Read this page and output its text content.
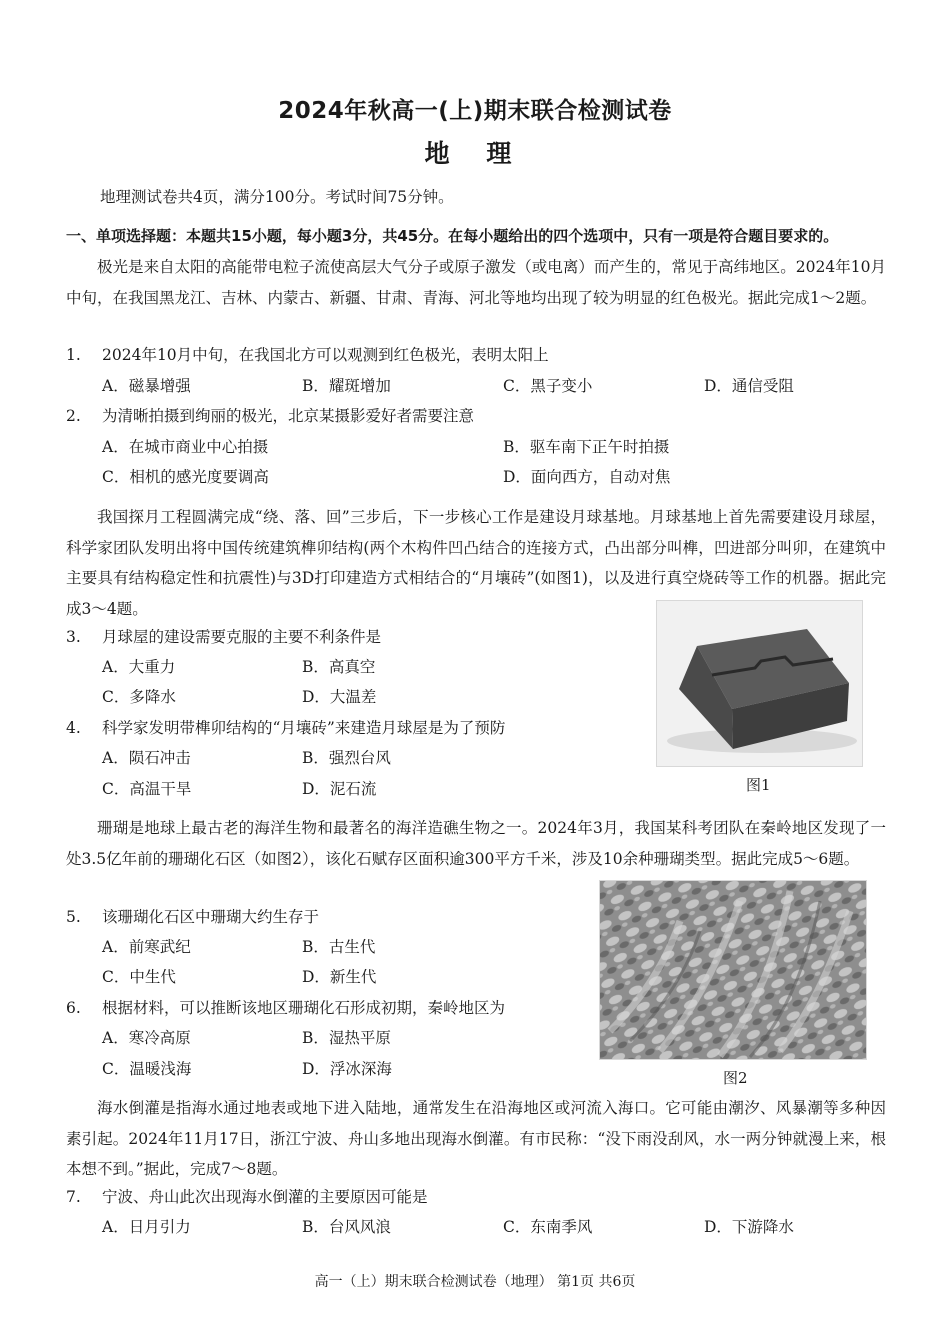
2024年秋高一(上)期末联合检测试卷
地 理
地理测试卷共4页，满分100分。考试时间75分钟。
一、单项选择题：本题共15小题，每小题3分，共45分。在每小题给出的四个选项中，只有一项是符合题目要求的。
极光是来自太阳的高能带电粒子流使高层大气分子或原子激发（或电离）而产生的，常见于高纬地区。2024年10月中旬，在我国黑龙江、吉林、内蒙古、新疆、甘肃、青海、河北等地均出现了较为明显的红色极光。据此完成1～2题。
1. 2024年10月中旬，在我国北方可以观测到红色极光，表明太阳上
A．磁暴增强	B．耀斑增加	C．黑子变小	D．通信受阻
2. 为清晰拍摄到绚丽的极光，北京某摄影爱好者需要注意
A．在城市商业中心拍摄	B．驱车南下正午时拍摄
C．相机的感光度要调高	D．面向西方，自动对焦
我国探月工程圆满完成“绕、落、回”三步后，下一步核心工作是建设月球基地。月球基地上首先需要建设月球屋，科学家团队发明出将中国传统建筑榫卯结构(两个木构件凹凸结合的连接方式，凸出部分叫榫，凹进部分叫卯，在建筑中主要具有结构稳定性和抗震性)与3D打印建造方式相结合的“月壤砖”(如图1)，以及进行真空烧砖等工作的机器。据此完成3～4题。
图1
3. 月球屋的建设需要克服的主要不利条件是
A．大重力	B．高真空
C．多降水	D．大温差
4. 科学家发明带榫卯结构的“月壤砖”来建造月球屋是为了预防
A．陨石冲击	B．强烈台风
C．高温干旱	D．泥石流
珊瑚是地球上最古老的海洋生物和最著名的海洋造礁生物之一。2024年3月，我国某科考团队在秦岭地区发现了一处3.5亿年前的珊瑚化石区（如图2），该化石赋存区面积逾300平方千米，涉及10余种珊瑚类型。据此完成5～6题。
图2
5. 该珊瑚化石区中珊瑚大约生存于
A．前寒武纪	B．古生代
C．中生代	D．新生代
6. 根据材料，可以推断该地区珊瑚化石形成初期，秦岭地区为
A．寒冷高原	B．湿热平原
C．温暖浅海	D．浮冰深海
海水倒灌是指海水通过地表或地下进入陆地，通常发生在沿海地区或河流入海口。它可能由潮汐、风暴潮等多种因素引起。2024年11月17日，浙江宁波、舟山多地出现海水倒灌。有市民称：“没下雨没刮风，水一两分钟就漫上来，根本想不到。”据此，完成7～8题。
7. 宁波、舟山此次出现海水倒灌的主要原因可能是
A．日月引力	B．台风风浪	C．东南季风	D．下游降水
高一（上）期末联合检测试卷（地理） 第1页 共6页
